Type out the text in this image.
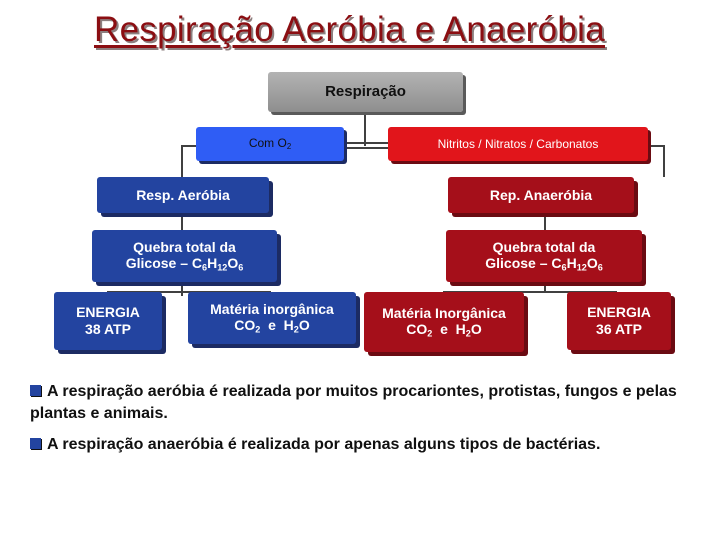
Respiração Aeróbia e Anaeróbia
Respiração
Com $O_2$	Nitritos / Nitratos / Carbonatos
Resp. Aeróbia	Rep. Anaeróbia
Quebra total da
Glicose – $C_6H_{12}O_6$
Quebra total da
Glicose – $C_6H_{12}O_6$
ENERGIA
38 ATP
Matéria inorgânica
$CO_2$  e  $H_2O$
Matéria Inorgânica
$CO_2$  e  $H_2O$
ENERGIA
36 ATP

A respiração aeróbia é realizada por muitos procariontes, protistas, fungos e pelas plantas e animais.

A respiração anaeróbia é realizada por apenas alguns tipos de bactérias.
